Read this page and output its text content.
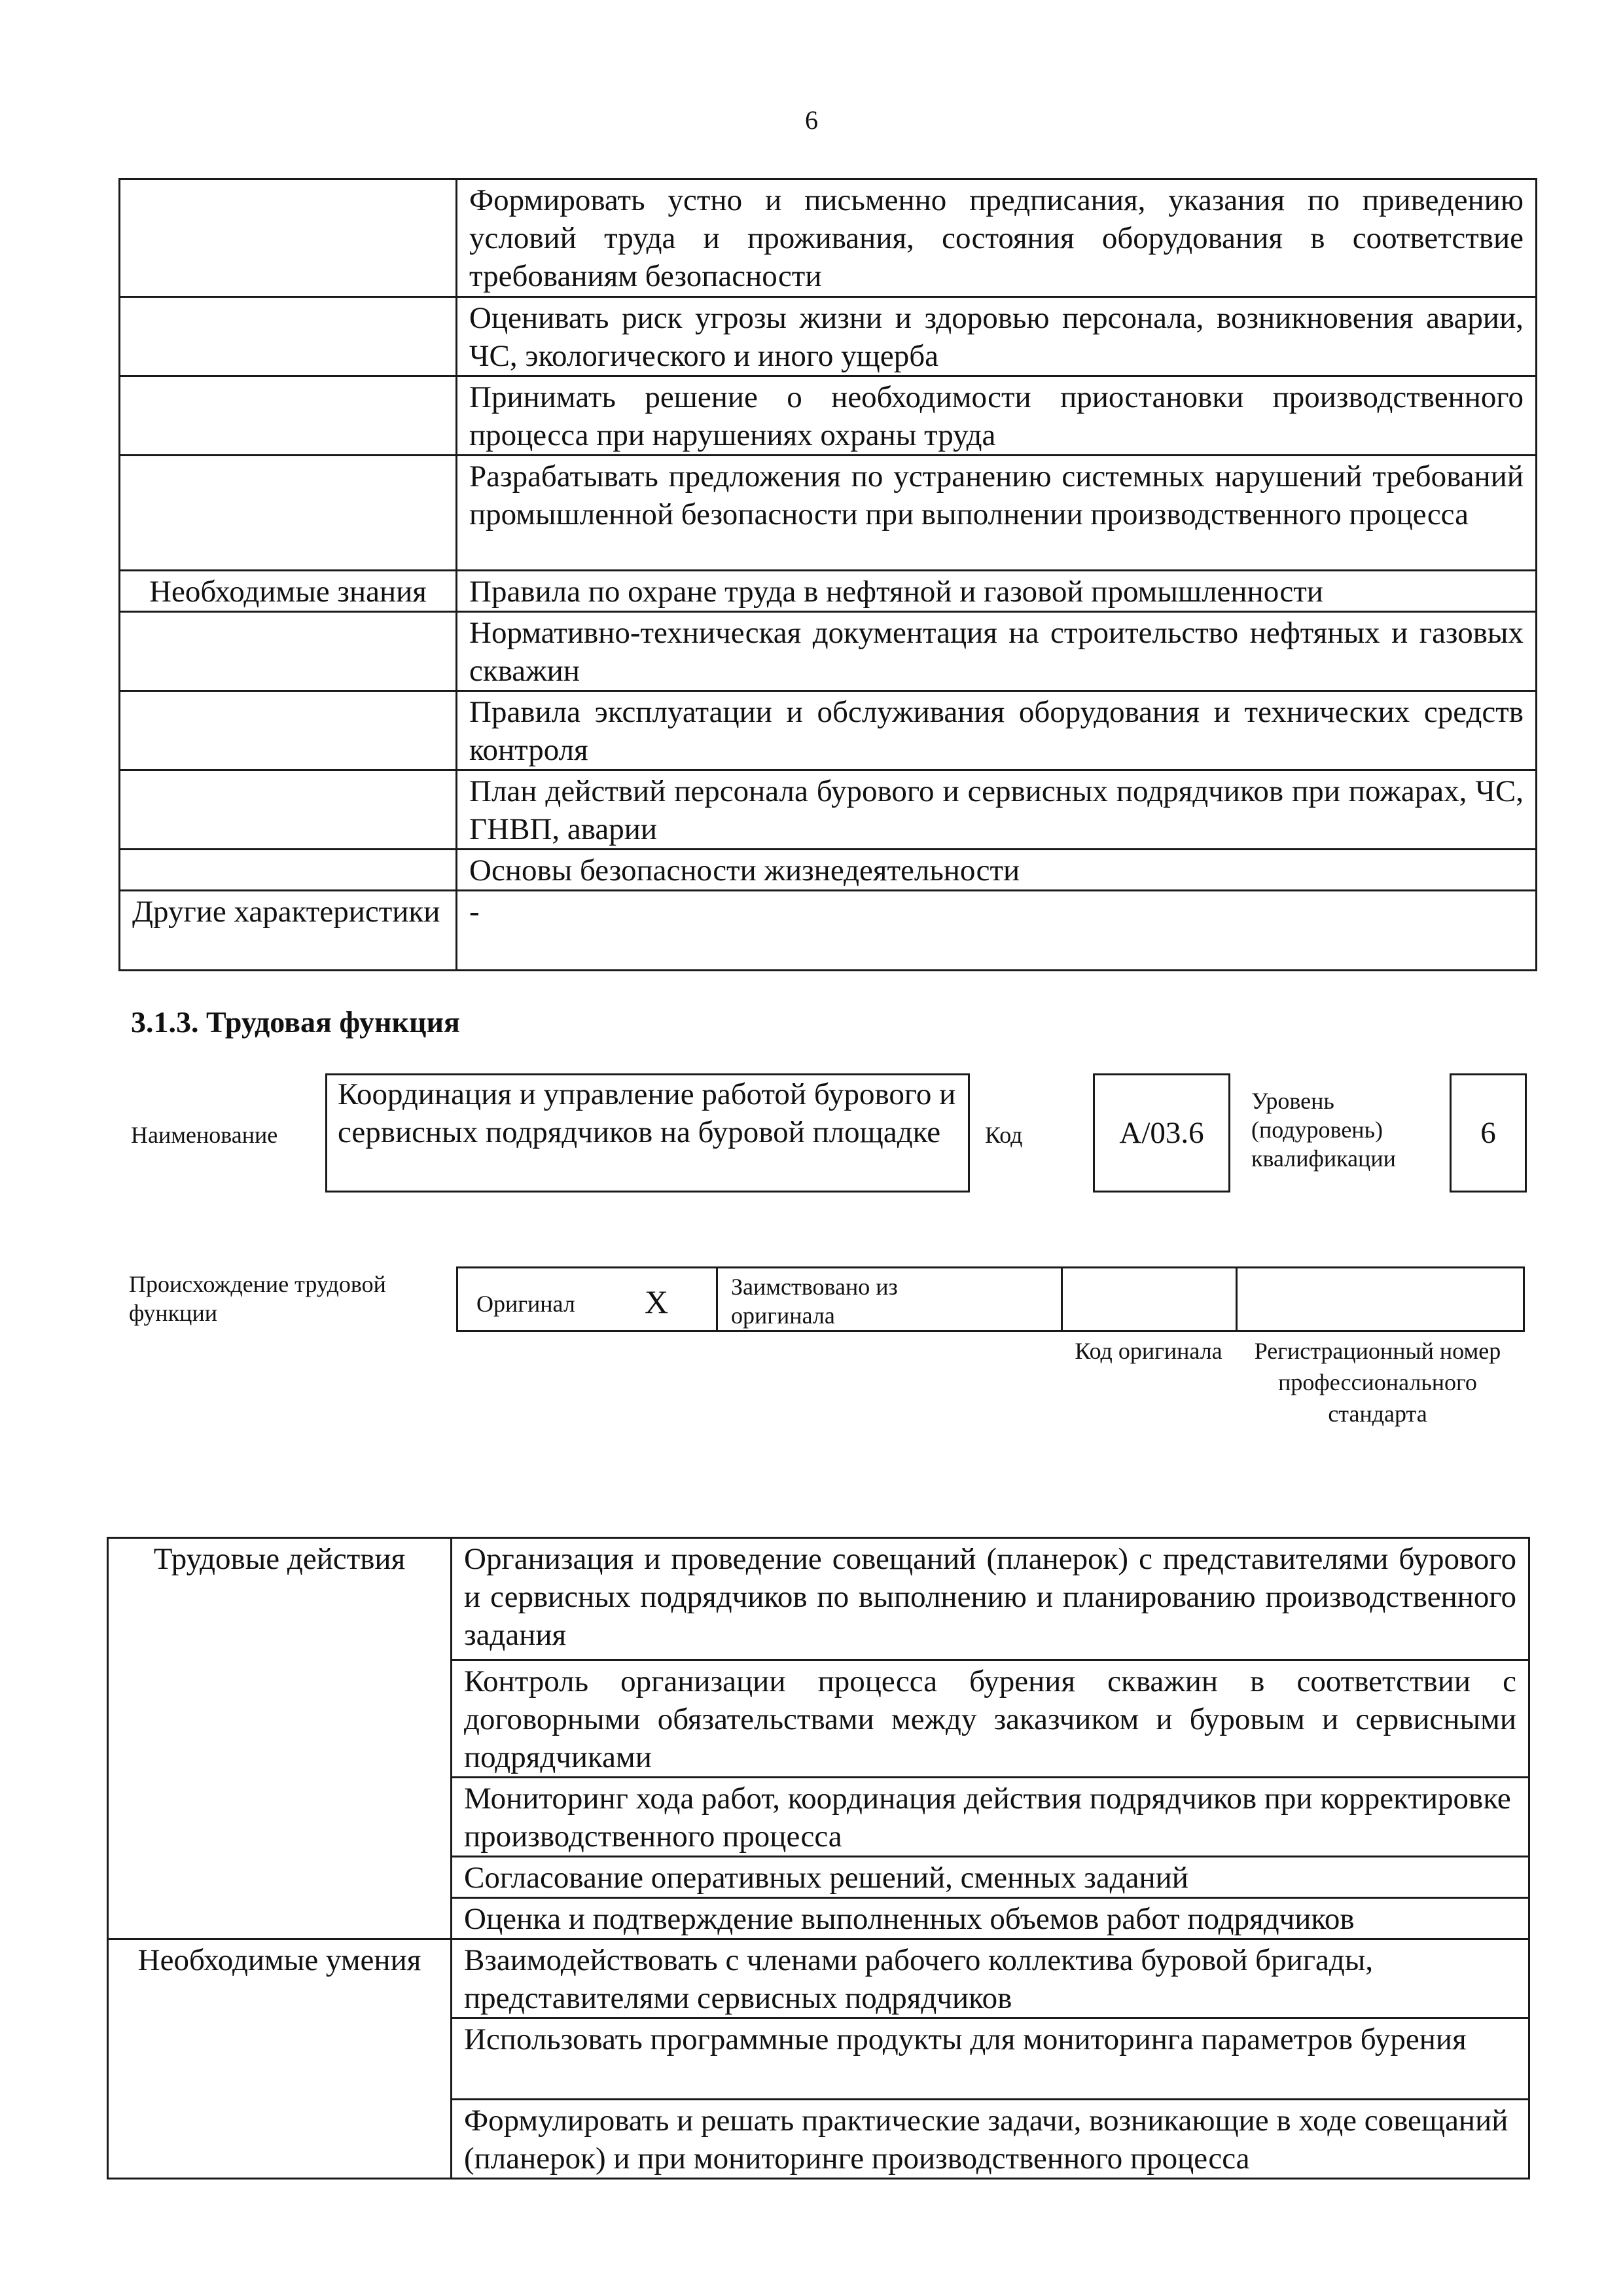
6
	Формировать устно и письменно предписания, указания по приведению условий труда и проживания, состояния оборудования в соответствие требованиям безопасности
	Оценивать риск угрозы жизни и здоровью персонала, возникновения аварии, ЧС, экологического и иного ущерба
	Принимать решение о необходимости приостановки производственного процесса при нарушениях охраны труда
	Разрабатывать предложения по устранению системных нарушений требований промышленной безопасности при выполнении производственного процесса
Необходимые знания	Правила по охране труда в нефтяной и газовой промышленности
	Нормативно-техническая документация на строительство нефтяных и газовых скважин
	Правила эксплуатации и обслуживания оборудования и технических средств контроля
	План действий персонала бурового и сервисных подрядчиков при пожарах, ЧС, ГНВП, аварии
	Основы безопасности жизнедеятельности
Другие характеристики	-
3.1.3. Трудовая функция
Наименование
Координация и управление работой бурового и сервисных подрядчиков на буровой площадке	Код	А/03.6
Уровень (подуровень) квалификации
6
Происхождение трудовой функции	Оригинал X	Заимствовано из оригинала
Код оригинала	Регистрационный номер профессионального стандарта
Трудовые действия	Организация и проведение совещаний (планерок) с представителями бурового и сервисных подрядчиков по выполнению и планированию производственного задания
	Контроль организации процесса бурения скважин в соответствии с договорными обязательствами между заказчиком и буровым и сервисными подрядчиками
	Мониторинг хода работ, координация действия подрядчиков при корректировке производственного процесса
	Согласование оперативных решений, сменных заданий
	Оценка и подтверждение выполненных объемов работ подрядчиков
Необходимые умения	Взаимодействовать с членами рабочего коллектива буровой бригады, представителями сервисных подрядчиков
	Использовать программные продукты для мониторинга параметров бурения
	Формулировать и решать практические задачи, возникающие в ходе совещаний (планерок) и при мониторинге производственного процесса
